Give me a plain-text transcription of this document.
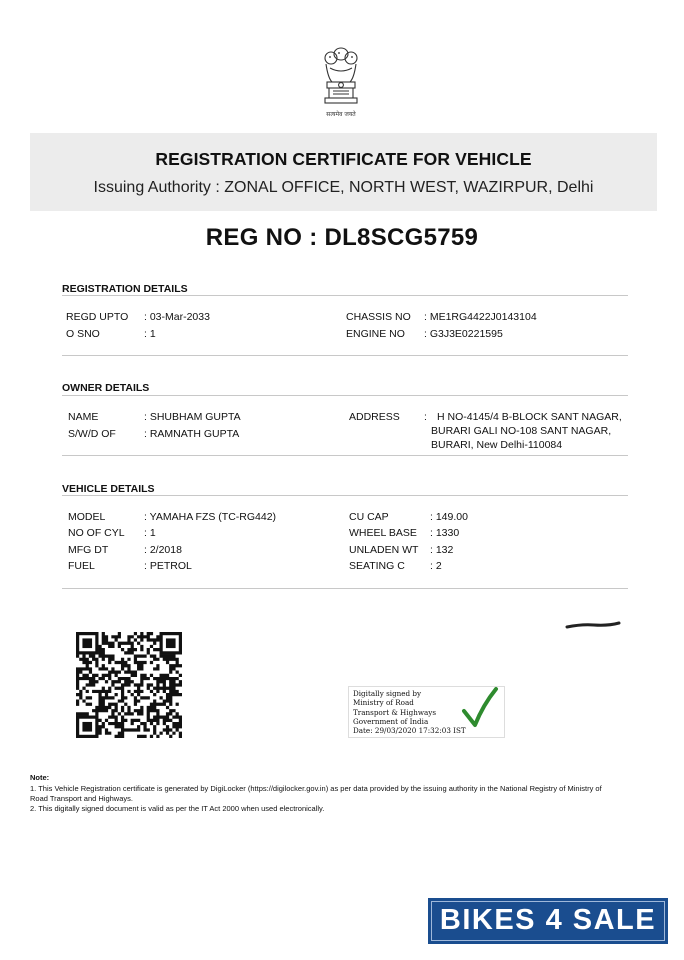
सत्यमेव जयते
REGISTRATION CERTIFICATE FOR VEHICLE
Issuing Authority : ZONAL OFFICE, NORTH WEST, WAZIRPUR, Delhi
REG NO : DL8SCG5759
REGISTRATION DETAILS
REGD UPTO : 03-Mar-2033
O SNO	: 1
CHASSIS NO : ME1RG4422J0143104
ENGINE NO : G3J3E0221595
OWNER DETAILS
NAME	: SHUBHAM GUPTA
S/W/D OF	: RAMNATH GUPTA
ADDRESS : H NO-4145/4 B-BLOCK SANT NAGAR,
BURARI GALI NO-108 SANT NAGAR,
BURARI, New Delhi-110084
VEHICLE DETAILS
MODEL	: YAMAHA FZS (TC-RG442)
NO OF CYL : 1
MFG DT	: 2/2018
FUEL	: PETROL
CU CAP	: 149.00
WHEEL BASE : 1330
UNLADEN WT : 132
SEATING C : 2
Digitally signed by
Ministry of Road
Transport & Highways
Government of India
Date: 29/03/2020 17:32:03 IST
Note:
1. This Vehicle Registration certificate is generated by DigiLocker (https://digilocker.gov.in) as per data provided by the issuing authority in the National Registry of Ministry of
Road Transport and Highways.
2. This digitally signed document is valid as per the IT Act 2000 when used electronically.
BIKES 4 SALE
